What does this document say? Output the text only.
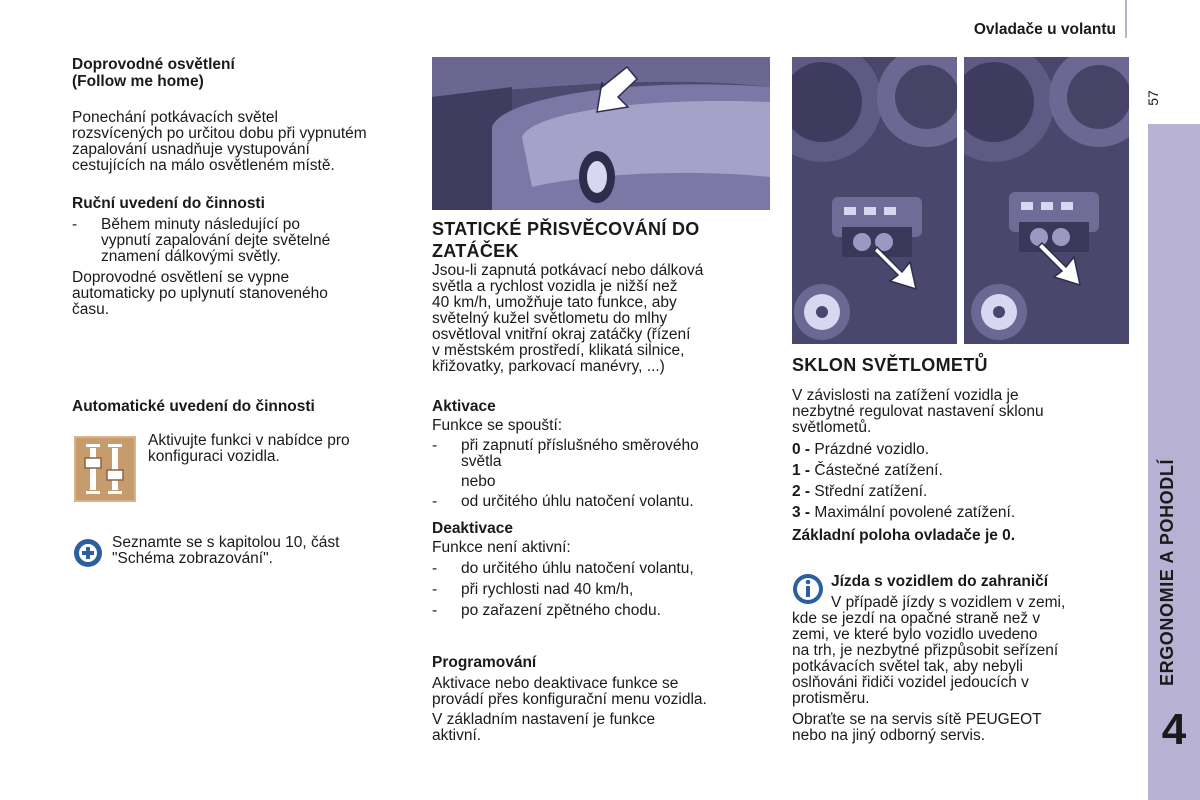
Ovladače u volantu
57
ERGONOMIE A POHODLÍ
4

Doprovodné osvětlení

(Follow me home)

Ponechání potkávacích světel

rozsvícených po určitou dobu při vypnutém

zapalování usnadňuje vystupování

cestujících na málo osvětleném místě.

Ruční uvedení do činnosti

-	Během minuty následující po
vypnutí zapalování dejte světelné
znamení dálkovými světly.

Doprovodné osvětlení se vypne

automaticky po uplynutí stanoveného

času.

Automatické uvedení do činnosti

Aktivujte funkci v nabídce pro

konfiguraci vozidla.

Seznamte se s kapitolou 10, část

"Schéma zobrazování".

STATICKÉ PŘISVĚCOVÁNÍ DO

ZATÁČEK

Jsou-li zapnutá potkávací nebo dálková

světla a rychlost vozidla je nižší než

40 km/h, umožňuje tato funkce, aby

světelný kužel světlometu do mlhy

osvětloval vnitřní okraj zatáčky (řízení

v městském prostředí, klikatá silnice,

křižovatky, parkovací manévry, ...)

Aktivace

Funkce se spouští:

-	při zapnutí příslušného směrového
světla
nebo
-	od určitého úhlu natočení volantu.

Deaktivace

Funkce není aktivní:

-	do určitého úhlu natočení volantu,
-	při rychlosti nad 40 km/h,
-	po zařazení zpětného chodu.

Programování

Aktivace nebo deaktivace funkce se

provádí přes konfigurační menu vozidla.

V základním nastavení je funkce

aktivní.

SKLON SVĚTLOMETŮ

V závislosti na zatížení vozidla je

nezbytné regulovat nastavení sklonu

světlometů.

0 - Prázdné vozidlo.
1 - Částečné zatížení.
2 - Střední zatížení.
3 - Maximální povolené zatížení.

Základní poloha ovladače je 0.

Jízda s vozidlem do zahraničí

V případě jízdy s vozidlem v zemi,

kde se jezdí na opačné straně než v

zemi, ve které bylo vozidlo uvedeno

na trh, je nezbytné přizpůsobit seřízení

potkávacích světel tak, aby nebyli

oslňováni řidiči vozidel jedoucích v

protisměru.

Obraťte se na servis sítě PEUGEOT

nebo na jiný odborný servis.
